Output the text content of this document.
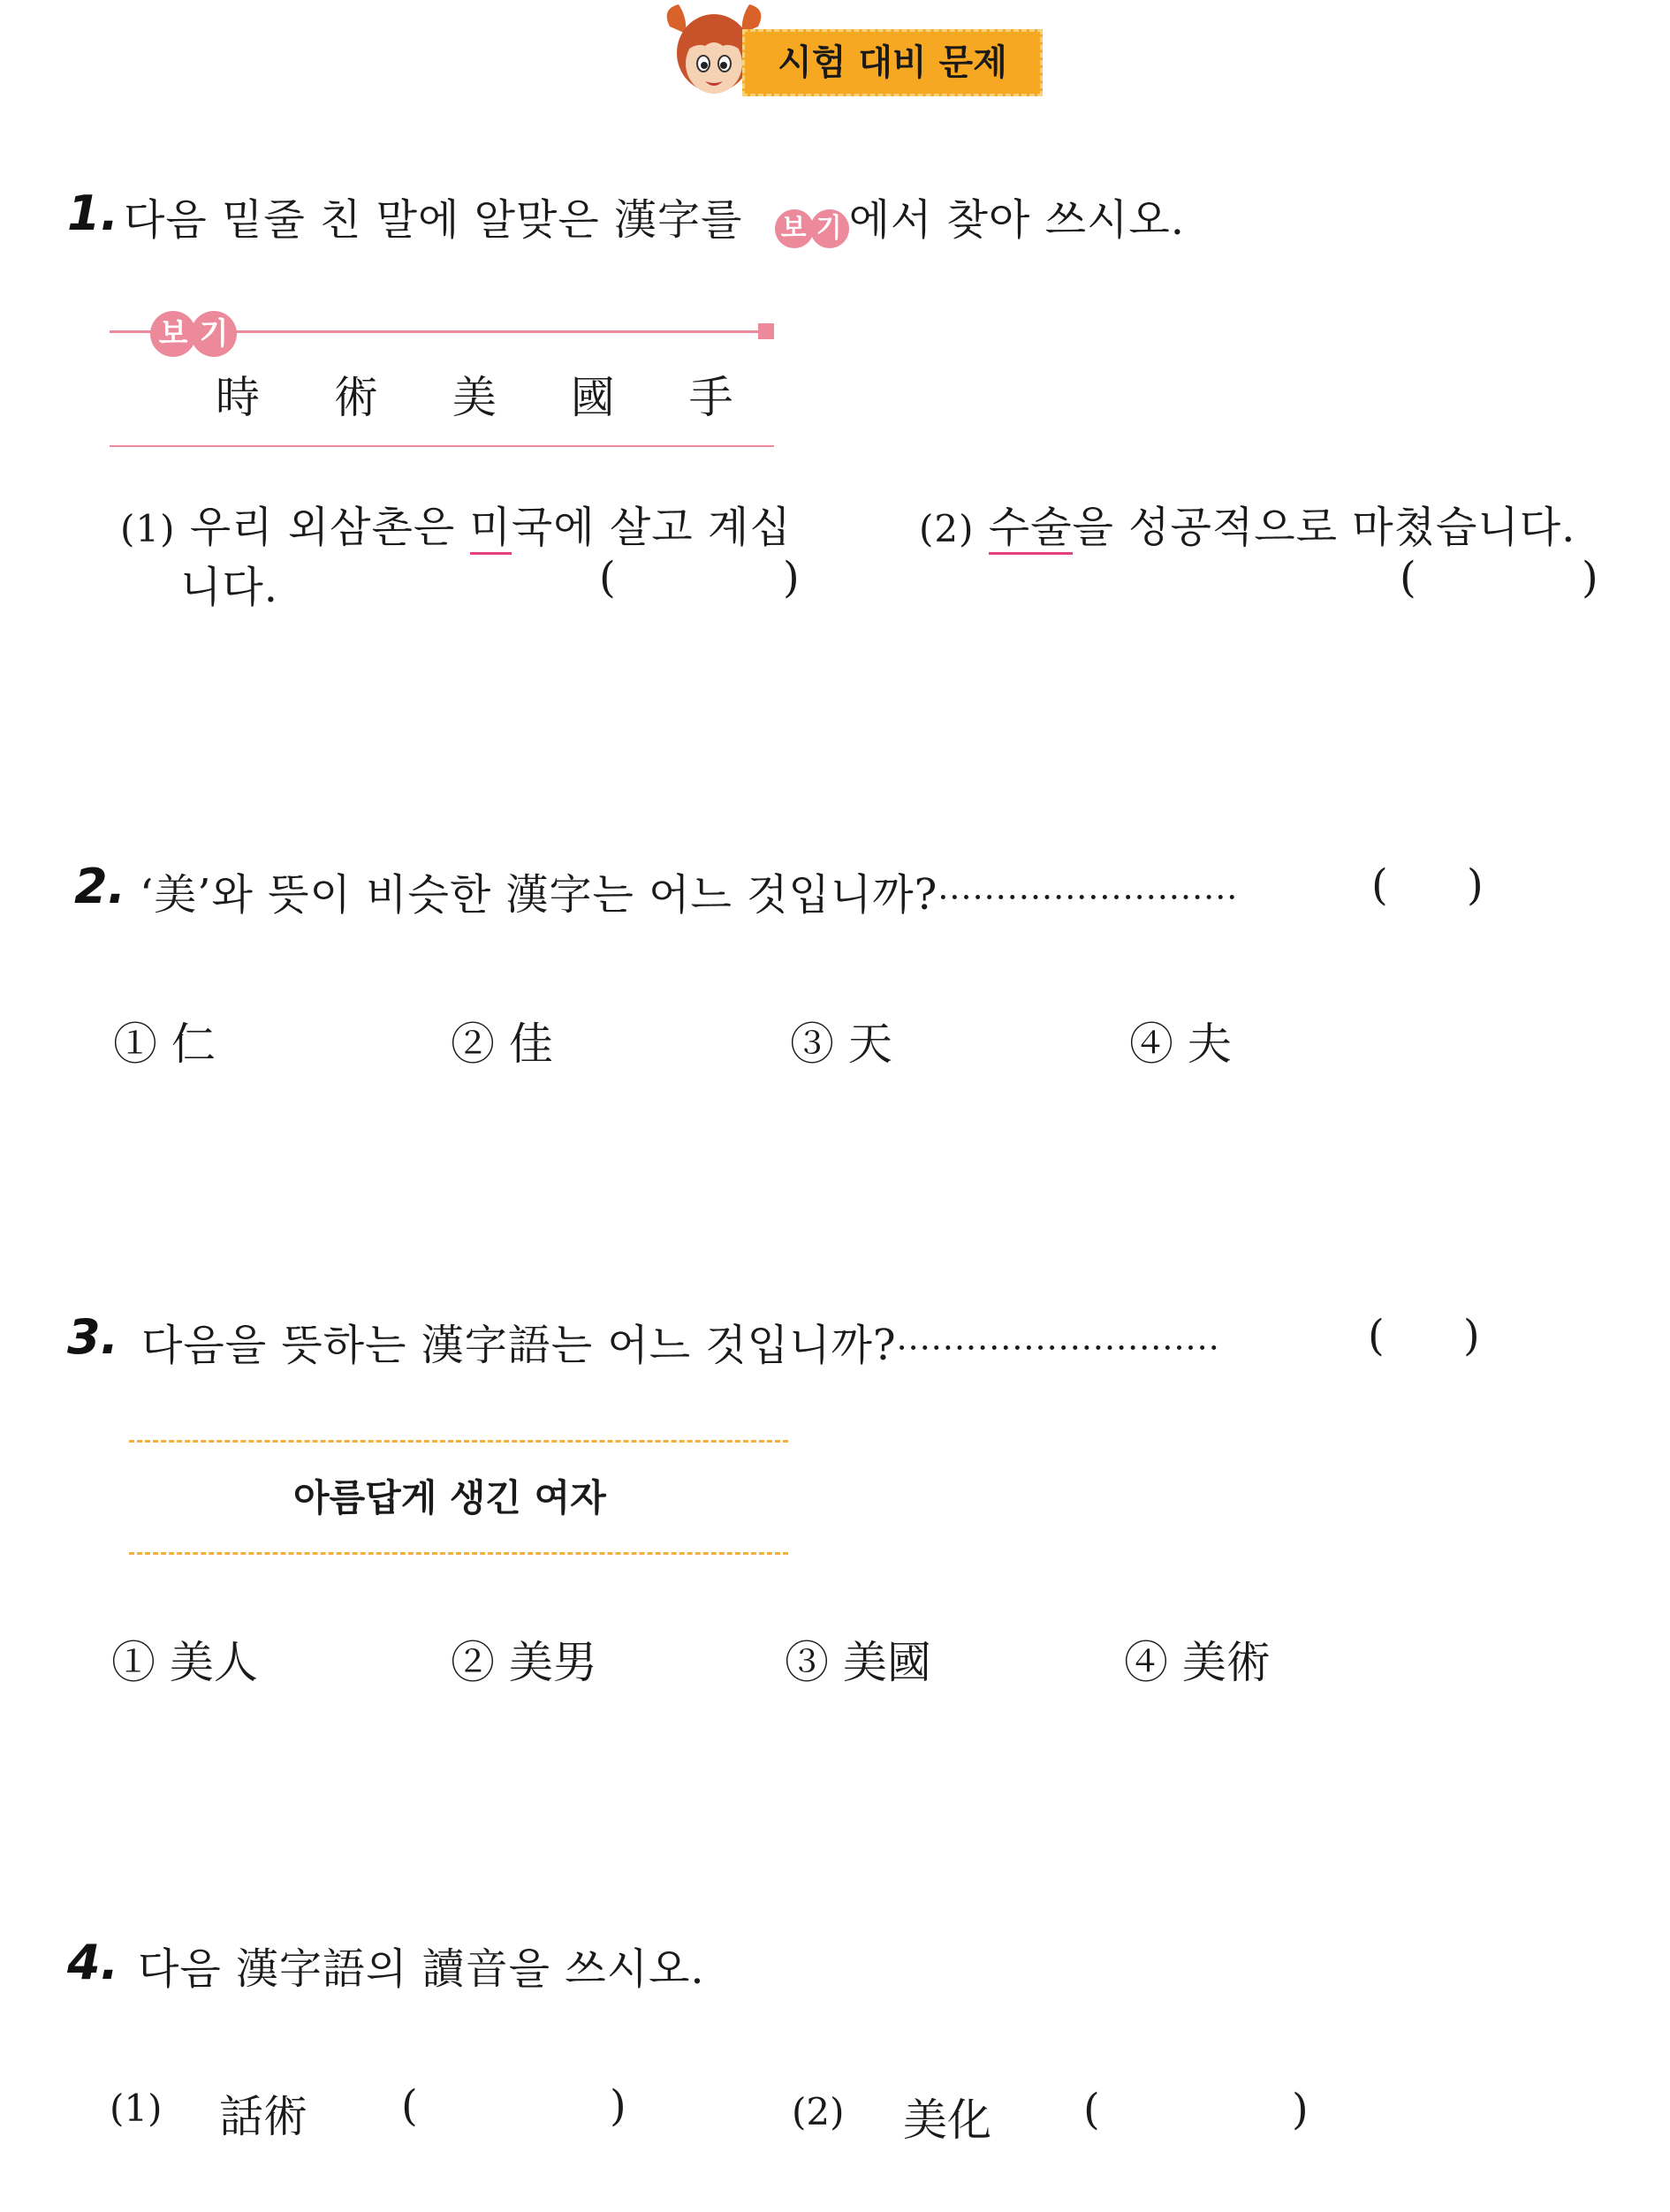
시험 대비 문제
1. 다음 밑줄 친 말에 알맞은 漢字를 보 기 에서 찾아 쓰시오.
보 기
時 術 美 國 手
(1) 우리 외삼촌은 미국에 살고 계십
니다.	(	)
(2) 수술을 성공적으로 마쳤습니다.
(	)
2. ‘美’와 뜻이 비슷한 漢字는 어느 것입니까?··························	( )
① 仁	② 佳	③ 天	④ 夫
3. 다음을 뜻하는 漢字語는 어느 것입니까?····························	( )
아름답게 생긴 여자
① 美人	② 美男	③ 美國	④ 美術
4. 다음 漢字語의 讀音을 쓰시오.
(1) 話術 (	)	(2) 美化 (	)
